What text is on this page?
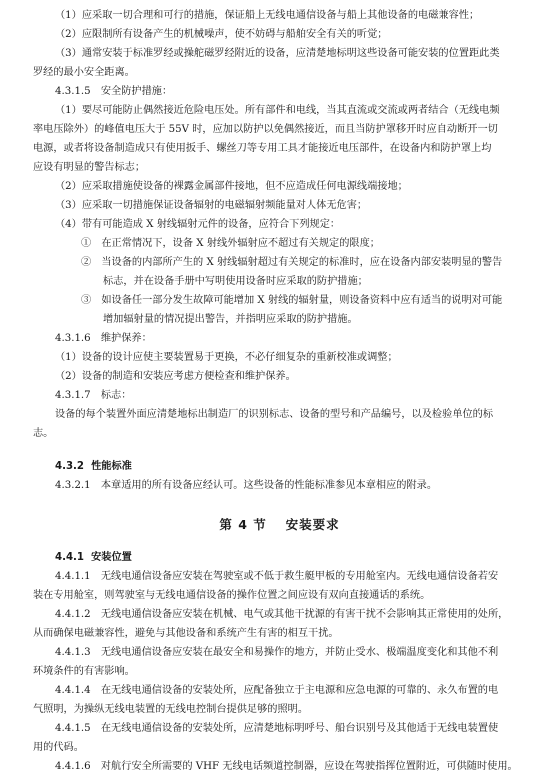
（1）应采取一切合理和可行的措施，保证船上无线电通信设备与船上其他设备的电磁兼容性；

（2）应限制所有设备产生的机械噪声，使不妨碍与船舶安全有关的听觉；

（3）通常安装于标准罗经或操舵磁罗经附近的设备，应清楚地标明这些设备可能安装的位置距此类

罗经的最小安全距离。

4.3.1.5　安全防护措施：

（1）要尽可能防止偶然接近危险电压处。所有部件和电线，当其直流或交流或两者结合（无线电频

率电压除外）的峰值电压大于 55V 时，应加以防护以免偶然接近，而且当防护罩移开时应自动断开一切

电源，或者将设备制造成只有使用扳手、螺丝刀等专用工具才能接近电压部件，在设备内和防护罩上均

应设有明显的警告标志；

（2）应采取措施使设备的裸露金属部件接地，但不应造成任何电源线端接地；

（3）应采取一切措施保证设备辐射的电磁辐射频能量对人体无危害；

（4）带有可能造成 X 射线辐射元件的设备，应符合下列规定：

①　在正常情况下，设备 X 射线外辐射应不超过有关规定的限度；

②　当设备的内部所产生的 X 射线辐射超过有关规定的标准时，应在设备内部安装明显的警告

标志，并在设备手册中写明使用设备时应采取的防护措施；

③　如设备任一部分发生故障可能增加 X 射线的辐射量，则设备资料中应有适当的说明对可能

增加辐射量的情况提出警告，并指明应采取的防护措施。

4.3.1.6　维护保养：

（1）设备的设计应使主要装置易于更换，不必仔细复杂的重新校准或调整；

（2）设备的制造和安装应考虑方便检查和维护保养。

4.3.1.7　标志：

设备的每个装置外面应清楚地标出制造厂的识别标志、设备的型号和产品编号，以及检验单位的标

志。

4.3.2 性能标准

4.3.2.1　本章适用的所有设备应经认可。这些设备的性能标准参见本章相应的附录。

第 4 节　 安装要求

4.4.1 安装位置

4.4.1.1　无线电通信设备应安装在驾驶室或不低于救生艇甲板的专用舱室内。无线电通信设备若安

装在专用舱室，则驾驶室与无线电通信设备的操作位置之间应设有双向直接通话的系统。

4.4.1.2　无线电通信设备应安装在机械、电气或其他干扰源的有害干扰不会影响其正常使用的处所，

从而确保电磁兼容性，避免与其他设备和系统产生有害的相互干扰。

4.4.1.3　无线电通信设备应安装在最安全和易操作的地方，并防止受水、极端温度变化和其他不利

环境条件的有害影响。

4.4.1.4　在无线电通信设备的安装处所，应配备独立于主电源和应急电源的可靠的、永久布置的电

气照明，为操纵无线电装置的无线电控制台提供足够的照明。

4.4.1.5　在无线电通信设备的安装处所，应清楚地标明呼号、船台识别号及其他适于无线电装置使

用的代码。

4.4.1.6　对航行安全所需要的 VHF 无线电话频道控制器，应设在驾驶指挥位置附近，可供随时使用。
